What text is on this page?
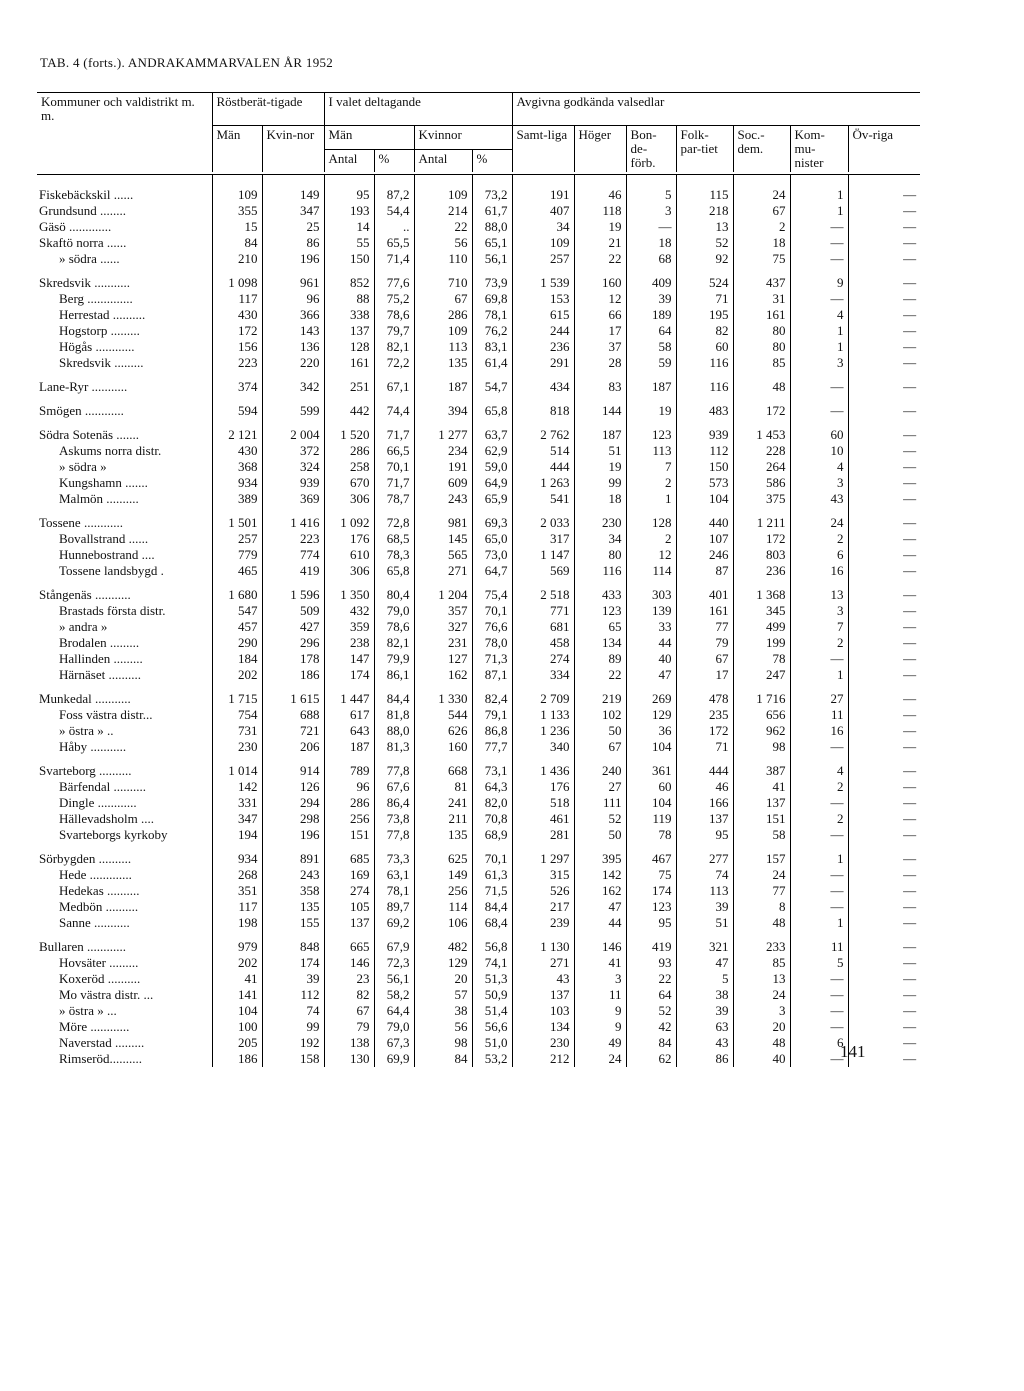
TAB. 4 (forts.). ANDRAKAMMARVALEN ÅR 1952
Kommuner och valdistrikt m. m.	Röstberät-tigade		I valet deltagande				Avgivna godkända valsedlar						
	Män	Kvin-nor	Män		Kvinnor		Samt-liga	Höger	Bon-de-förb.	Folk-par-tiet	Soc.-dem.	Kom-mu-nister	Öv-riga
			Antal	%	Antal	%							

Fiskebäckskil ......	109	149	95	87,2	109	73,2	191	46	5	115	24	1	—
Grundsund ........	355	347	193	54,4	214	61,7	407	118	3	218	67	1	—
Gäsö .............	15	25	14	..	22	88,0	34	19	—	13	2	—	—
Skaftö norra ......	84	86	55	65,5	56	65,1	109	21	18	52	18	—	—
» södra ......	210	196	150	71,4	110	56,1	257	22	68	92	75	—	—
Skredsvik ...........	1 098	961	852	77,6	710	73,9	1 539	160	409	524	437	9	—
Berg ..............	117	96	88	75,2	67	69,8	153	12	39	71	31	—	—
Herrestad ..........	430	366	338	78,6	286	78,1	615	66	189	195	161	4	—
Hogstorp .........	172	143	137	79,7	109	76,2	244	17	64	82	80	1	—
Högås ............	156	136	128	82,1	113	83,1	236	37	58	60	80	1	—
Skredsvik .........	223	220	161	72,2	135	61,4	291	28	59	116	85	3	—
Lane-Ryr ...........	374	342	251	67,1	187	54,7	434	83	187	116	48	—	—
Smögen ............	594	599	442	74,4	394	65,8	818	144	19	483	172	—	—
Södra Sotenäs .......	2 121	2 004	1 520	71,7	1 277	63,7	2 762	187	123	939	1 453	60	—
Askums norra distr.	430	372	286	66,5	234	62,9	514	51	113	112	228	10	—
» södra »	368	324	258	70,1	191	59,0	444	19	7	150	264	4	—
Kungshamn .......	934	939	670	71,7	609	64,9	1 263	99	2	573	586	3	—
Malmön ..........	389	369	306	78,7	243	65,9	541	18	1	104	375	43	—
Tossene ............	1 501	1 416	1 092	72,8	981	69,3	2 033	230	128	440	1 211	24	—
Bovallstrand ......	257	223	176	68,5	145	65,0	317	34	2	107	172	2	—
Hunnebostrand ....	779	774	610	78,3	565	73,0	1 147	80	12	246	803	6	—
Tossene landsbygd .	465	419	306	65,8	271	64,7	569	116	114	87	236	16	—
Stångenäs ...........	1 680	1 596	1 350	80,4	1 204	75,4	2 518	433	303	401	1 368	13	—
Brastads första distr.	547	509	432	79,0	357	70,1	771	123	139	161	345	3	—
» andra »	457	427	359	78,6	327	76,6	681	65	33	77	499	7	—
Brodalen .........	290	296	238	82,1	231	78,0	458	134	44	79	199	2	—
Hallinden .........	184	178	147	79,9	127	71,3	274	89	40	67	78	—	—
Härnäset ..........	202	186	174	86,1	162	87,1	334	22	47	17	247	1	—
Munkedal ...........	1 715	1 615	1 447	84,4	1 330	82,4	2 709	219	269	478	1 716	27	—
Foss västra distr...	754	688	617	81,8	544	79,1	1 133	102	129	235	656	11	—
» östra » ..	731	721	643	88,0	626	86,8	1 236	50	36	172	962	16	—
Håby ...........	230	206	187	81,3	160	77,7	340	67	104	71	98	—	—
Svarteborg ..........	1 014	914	789	77,8	668	73,1	1 436	240	361	444	387	4	—
Bärfendal ..........	142	126	96	67,6	81	64,3	176	27	60	46	41	2	—
Dingle ............	331	294	286	86,4	241	82,0	518	111	104	166	137	—	—
Hällevadsholm ....	347	298	256	73,8	211	70,8	461	52	119	137	151	2	—
Svarteborgs kyrkoby	194	196	151	77,8	135	68,9	281	50	78	95	58	—	—
Sörbygden ..........	934	891	685	73,3	625	70,1	1 297	395	467	277	157	1	—
Hede .............	268	243	169	63,1	149	61,3	315	142	75	74	24	—	—
Hedekas ..........	351	358	274	78,1	256	71,5	526	162	174	113	77	—	—
Medbön ..........	117	135	105	89,7	114	84,4	217	47	123	39	8	—	—
Sanne ...........	198	155	137	69,2	106	68,4	239	44	95	51	48	1	—
Bullaren ............	979	848	665	67,9	482	56,8	1 130	146	419	321	233	11	—
Hovsäter .........	202	174	146	72,3	129	74,1	271	41	93	47	85	5	—
Koxeröd ..........	41	39	23	56,1	20	51,3	43	3	22	5	13	—	—
Mo västra distr. ...	141	112	82	58,2	57	50,9	137	11	64	38	24	—	—
» östra » ...	104	74	67	64,4	38	51,4	103	9	52	39	3	—	—
Möre ............	100	99	79	79,0	56	56,6	134	9	42	63	20	—	—
Naverstad .........	205	192	138	67,3	98	51,0	230	49	84	43	48	6	—
Rimseröd..........	186	158	130	69,9	84	53,2	212	24	62	86	40	—	—
141
